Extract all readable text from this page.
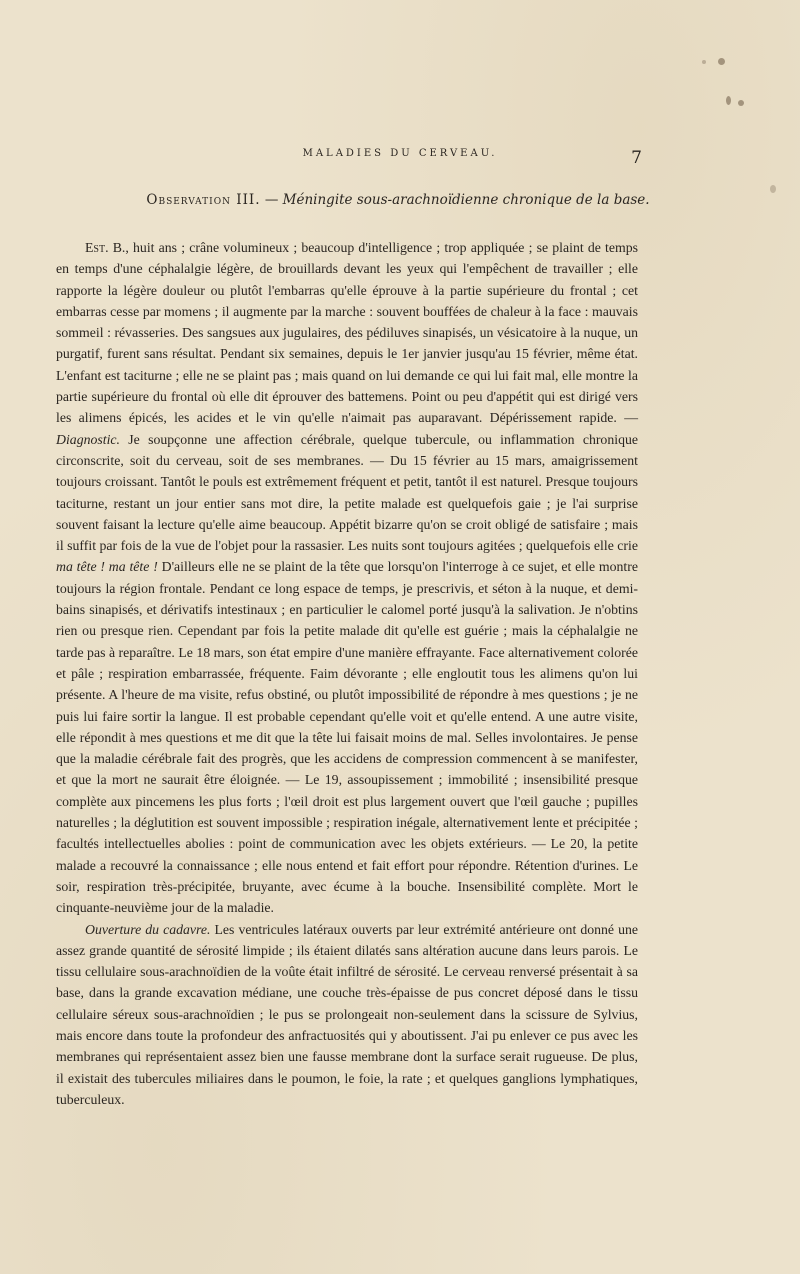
MALADIES DU CERVEAU.	7
Observation III. — Méningite sous-arachnoïdienne chronique de la base.

Est. B., huit ans ; crâne volumineux ; beaucoup d'intelligence ; trop appliquée ; se plaint de temps en temps d'une céphalalgie légère, de brouillards devant les yeux qui l'empêchent de travailler ; elle rapporte la légère douleur ou plutôt l'embarras qu'elle éprouve à la partie supérieure du frontal ; cet embarras cesse par momens ; il augmente par la marche : souvent bouffées de chaleur à la face : mauvais sommeil : révasseries. Des sangsues aux jugulaires, des pédiluves sinapisés, un vésicatoire à la nuque, un purgatif, furent sans résultat. Pendant six semaines, depuis le 1er janvier jusqu'au 15 février, même état. L'enfant est taciturne ; elle ne se plaint pas ; mais quand on lui demande ce qui lui fait mal, elle montre la partie supérieure du frontal où elle dit éprouver des battemens. Point ou peu d'appétit qui est dirigé vers les alimens épicés, les acides et le vin qu'elle n'aimait pas auparavant. Dépérissement rapide. — Diagnostic. Je soupçonne une affection cérébrale, quelque tubercule, ou inflammation chronique circonscrite, soit du cerveau, soit de ses membranes. — Du 15 février au 15 mars, amaigrissement toujours croissant. Tantôt le pouls est extrêmement fréquent et petit, tantôt il est naturel. Presque toujours taciturne, restant un jour entier sans mot dire, la petite malade est quelquefois gaie ; je l'ai surprise souvent faisant la lecture qu'elle aime beaucoup. Appétit bizarre qu'on se croit obligé de satisfaire ; mais il suffit par fois de la vue de l'objet pour la rassasier. Les nuits sont toujours agitées ; quelquefois elle crie ma tête ! ma tête ! D'ailleurs elle ne se plaint de la tête que lorsqu'on l'interroge à ce sujet, et elle montre toujours la région frontale. Pendant ce long espace de temps, je prescrivis, et séton à la nuque, et demi-bains sinapisés, et dérivatifs intestinaux ; en particulier le calomel porté jusqu'à la salivation. Je n'obtins rien ou presque rien. Cependant par fois la petite malade dit qu'elle est guérie ; mais la céphalalgie ne tarde pas à reparaître. Le 18 mars, son état empire d'une manière effrayante. Face alternativement colorée et pâle ; respiration embarrassée, fréquente. Faim dévorante ; elle engloutit tous les alimens qu'on lui présente. A l'heure de ma visite, refus obstiné, ou plutôt impossibilité de répondre à mes questions ; je ne puis lui faire sortir la langue. Il est probable cependant qu'elle voit et qu'elle entend. A une autre visite, elle répondit à mes questions et me dit que la tête lui faisait moins de mal. Selles involontaires. Je pense que la maladie cérébrale fait des progrès, que les accidens de compression commencent à se manifester, et que la mort ne saurait être éloignée. — Le 19, assoupissement ; immobilité ; insensibilité presque complète aux pincemens les plus forts ; l'œil droit est plus largement ouvert que l'œil gauche ; pupilles naturelles ; la déglutition est souvent impossible ; respiration inégale, alternativement lente et précipitée ; facultés intellectuelles abolies : point de communication avec les objets extérieurs. — Le 20, la petite malade a recouvré la connaissance ; elle nous entend et fait effort pour répondre. Rétention d'urines. Le soir, respiration très-précipitée, bruyante, avec écume à la bouche. Insensibilité complète. Mort le cinquante-neuvième jour de la maladie.

Ouverture du cadavre. Les ventricules latéraux ouverts par leur extrémité antérieure ont donné une assez grande quantité de sérosité limpide ; ils étaient dilatés sans altération aucune dans leurs parois. Le tissu cellulaire sous-arachnoïdien de la voûte était infiltré de sérosité. Le cerveau renversé présentait à sa base, dans la grande excavation médiane, une couche très-épaisse de pus concret déposé dans le tissu cellulaire séreux sous-arachnoïdien ; le pus se prolongeait non-seulement dans la scissure de Sylvius, mais encore dans toute la profondeur des anfractuosités qui y aboutissent. J'ai pu enlever ce pus avec les membranes qui représentaient assez bien une fausse membrane dont la surface serait rugueuse. De plus, il existait des tubercules miliaires dans le poumon, le foie, la rate ; et quelques ganglions lymphatiques, tuberculeux.
